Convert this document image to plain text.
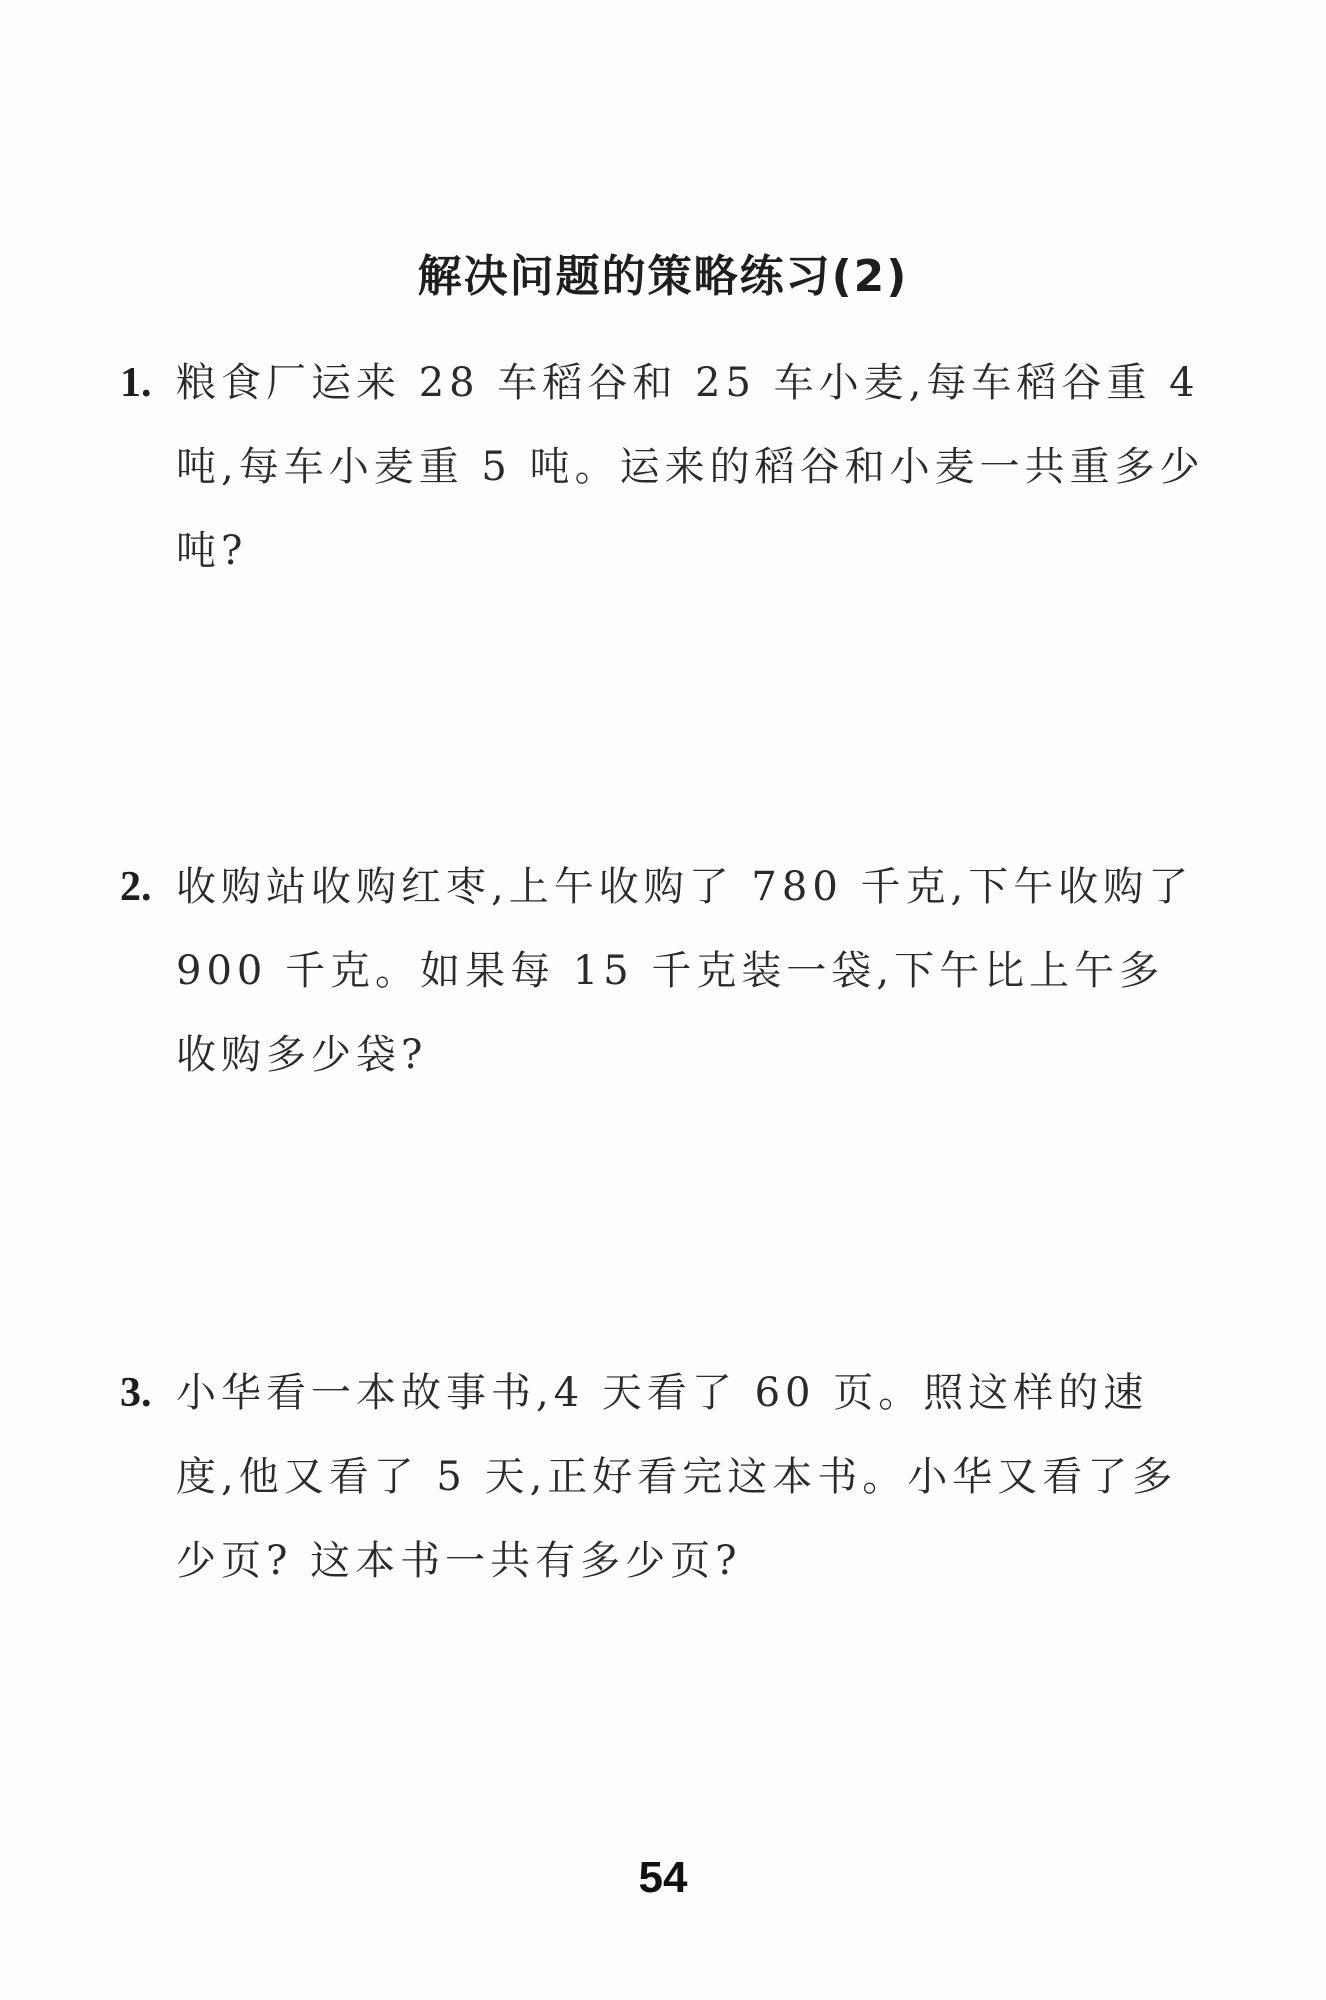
解决问题的策略练习(2)
1. 粮食厂运来 28 车稻谷和 25 车小麦,每车稻谷重 4 吨,每车小麦重 5 吨。运来的稻谷和小麦一共重多少吨?
2. 收购站收购红枣,上午收购了 780 千克,下午收购了 900 千克。如果每 15 千克装一袋,下午比上午多收购多少袋?
3. 小华看一本故事书,4 天看了 60 页。照这样的速度,他又看了 5 天,正好看完这本书。小华又看了多少页? 这本书一共有多少页?
54
